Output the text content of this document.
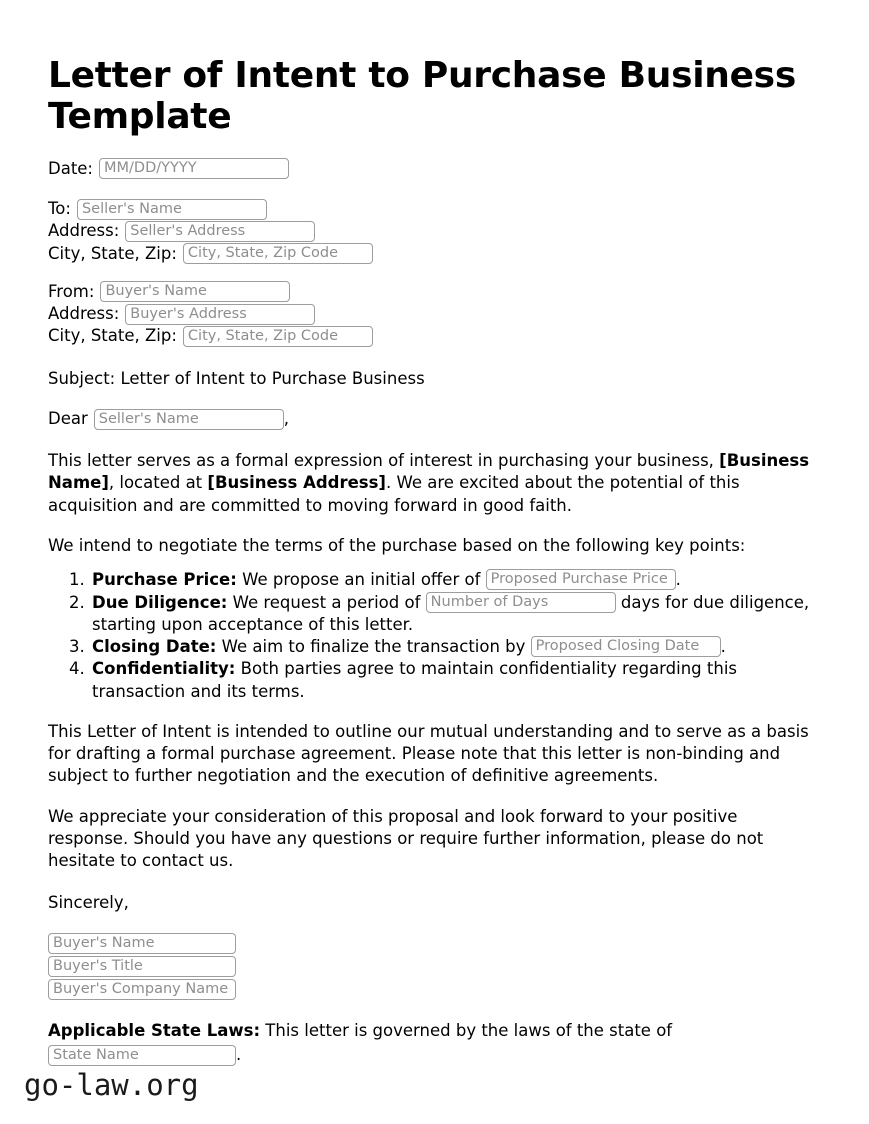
Letter of Intent to Purchase Business Template
Date: MM/DD/YYYY
To: Seller's Name
Address: Seller's Address
City, State, Zip: City, State, Zip Code
From: Buyer's Name
Address: Buyer's Address
City, State, Zip: City, State, Zip Code

Subject: Letter of Intent to Purchase Business

Dear Seller's Name	,

This letter serves as a formal expression of interest in purchasing your business, [Business Name], located at [Business Address]. We are excited about the potential of this acquisition and are committed to moving forward in good faith.

We intend to negotiate the terms of the purchase based on the following key points:

1. Purchase Price: We propose an initial offer of Proposed Purchase Price .
2. Due Diligence: We request a period of Number of Days	days for due diligence, starting upon acceptance of this letter.
3. Closing Date: We aim to finalize the transaction by Proposed Closing Date .
4. Confidentiality: Both parties agree to maintain confidentiality regarding this transaction and its terms.

This Letter of Intent is intended to outline our mutual understanding and to serve as a basis for drafting a formal purchase agreement. Please note that this letter is non-binding and subject to further negotiation and the execution of definitive agreements.

We appreciate your consideration of this proposal and look forward to your positive response. Should you have any questions or require further information, please do not hesitate to contact us.

Sincerely,

Buyer's Name
Buyer's Title
Buyer's Company Name

Applicable State Laws: This letter is governed by the laws of the state of

State Name	.
go-law.org
